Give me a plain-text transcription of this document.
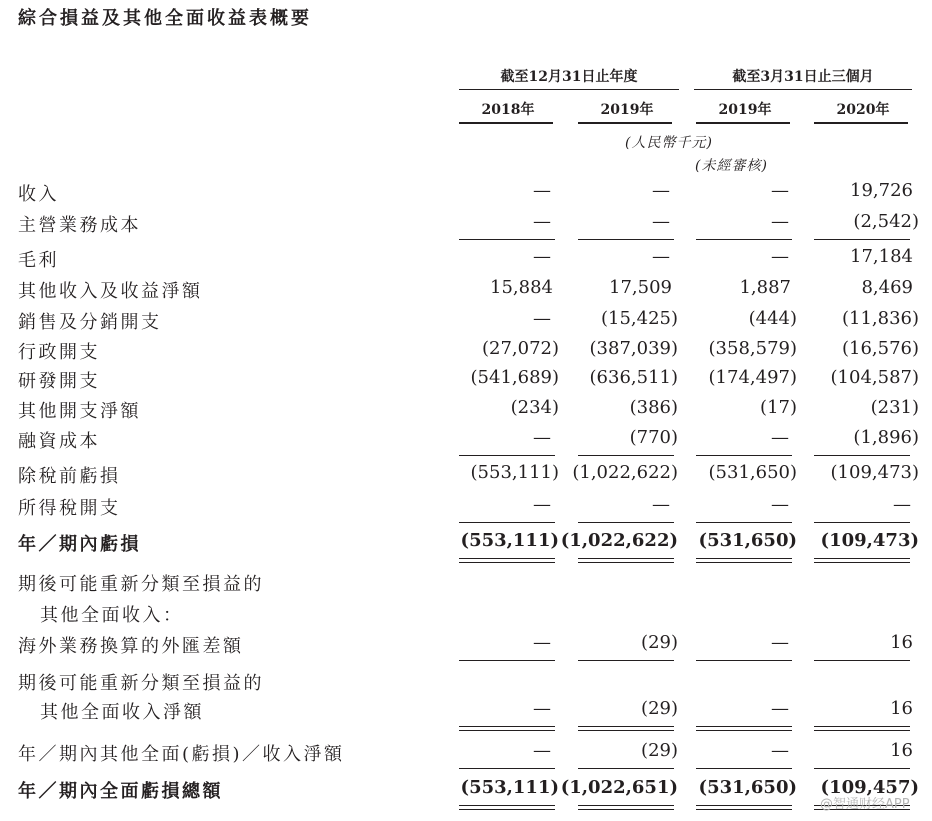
綜合損益及其他全面收益表概要
截至12月31日止年度	截至3月31日止三個月
2018年	2019年	2019年	2020年
(人民幣千元)
(未經審核)
收入	—	—	—	19,726
主營業務成本	—	—	—	(2,542)
毛利	—	—	—	17,184
其他收入及收益淨額	15,884	17,509	1,887	8,469
銷售及分銷開支	—	(15,425)	(444)	(11,836)
行政開支	(27,072)	(387,039)	(358,579)	(16,576)
研發開支	(541,689)	(636,511)	(174,497)	(104,587)
其他開支淨額	(234)	(386)	(17)	(231)
融資成本	—	(770)	—	(1,896)
除稅前虧損	(553,111) (1,022,622)	(531,650)	(109,473)
所得稅開支	—	—	—	—
年／期內虧損	(553,111) (1,022,622)	(531,650)	(109,473)
期後可能重新分類至損益的
其他全面收入：
海外業務換算的外匯差額	—	(29)	—	16
期後可能重新分類至損益的
其他全面收入淨額	—	(29)	—	16
年／期內其他全面(虧損)／收入淨額	—	(29)	—	16
年／期內全面虧損總額	(553,111) (1,022,651)	(531,650)	(109,457)
@智通财经APP
